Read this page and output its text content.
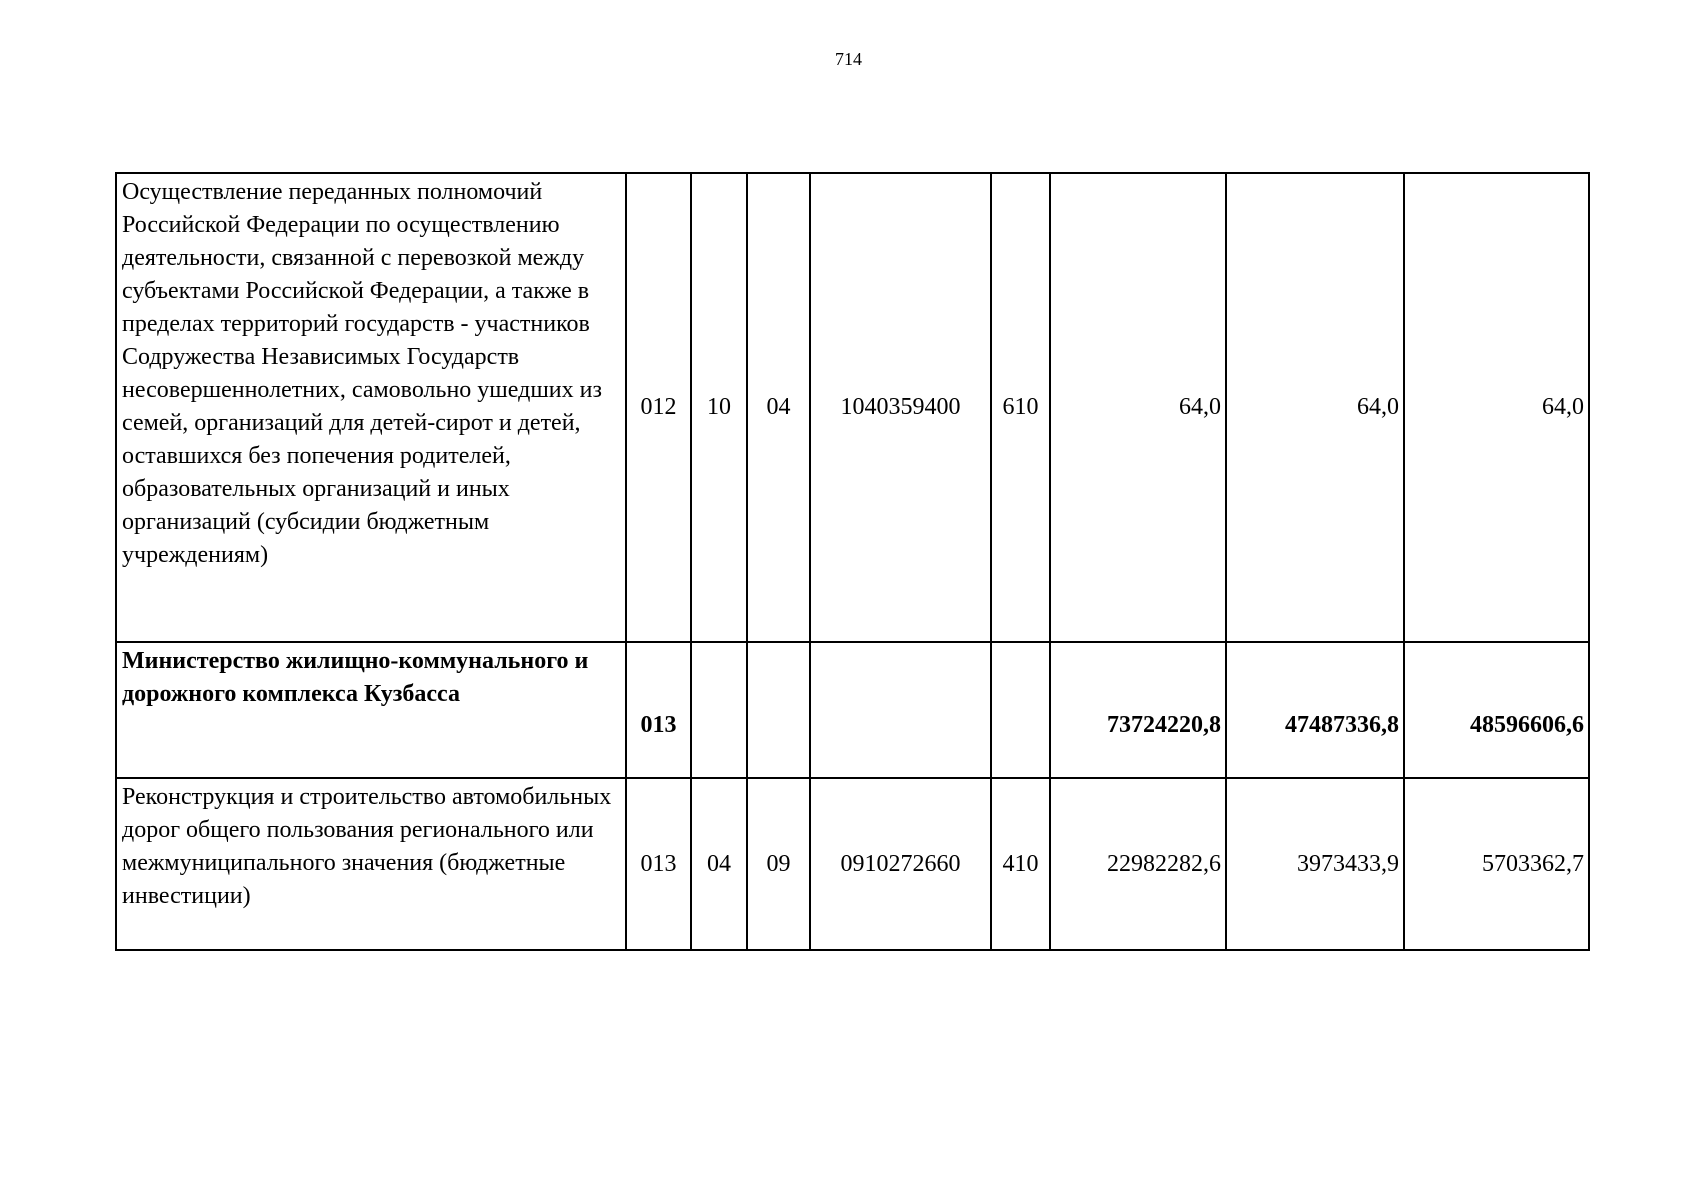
714
Осуществление переданных полномочий Российской Федерации по осуществлению деятельности, связанной с перевозкой между субъектами Российской Федерации, а также в пределах территорий государств - участников Содружества Независимых Государств несовершеннолетних, самовольно ушедших из семей, организаций для детей-сирот и детей, оставшихся без попечения родителей, образовательных организаций и иных организаций (субсидии бюджетным учреждениям)	012	10	04	1040359400	610	64,0	64,0	64,0
Министерство жилищно-коммунального и дорожного комплекса Кузбасса	013					73724220,8	47487336,8	48596606,6
Реконструкция и строительство автомобильных дорог общего пользования регионального или межмуниципального значения (бюджетные инвестиции)	013	04	09	0910272660	410	22982282,6	3973433,9	5703362,7
